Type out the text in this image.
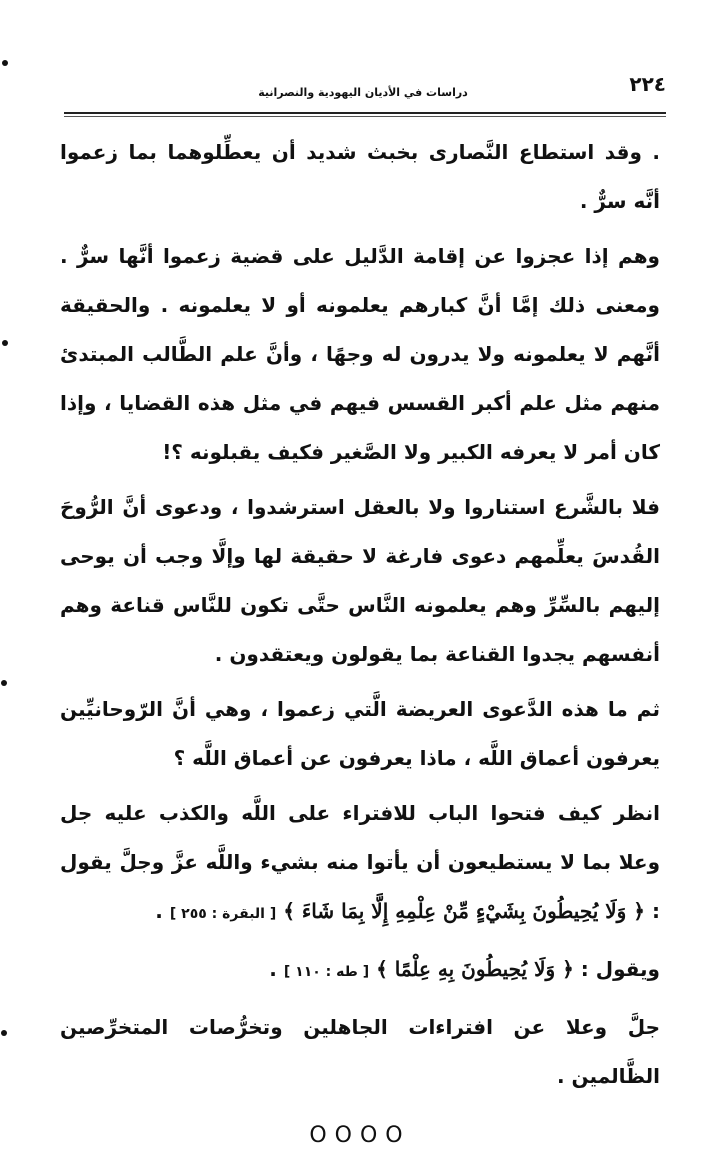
٢٢٤
دراسات في الأديان اليهودية والنصرانية

. وقد استطاع النَّصارى بخبث شديد أن يعطِّلوهما بما زعموا أنَّه سرٌّ .

وهم إذا عجزوا عن إقامة الدَّليل على قضية زعموا أنَّها سرٌّ . ومعنى ذلك إمَّا أنَّ كبارهم يعلمونه أو لا يعلمونه . والحقيقة أنَّهم لا يعلمونه ولا يدرون له وجهًا ، وأنَّ علم الطَّالب المبتدئ منهم مثل علم أكبر القسس فيهم في مثل هذه القضايا ، وإذا كان أمر لا يعرفه الكبير ولا الصَّغير فكيف يقبلونه ؟!

فلا بالشَّرع استناروا ولا بالعقل استرشدوا ، ودعوى أنَّ الرُّوحَ القُدسَ يعلِّمهم دعوى فارغة لا حقيقة لها وإلَّا وجب أن يوحى إليهم بالسِّرِّ وهم يعلمونه النَّاس حتَّى تكون للنَّاس قناعة وهم أنفسهم يجدوا القناعة بما يقولون ويعتقدون .

ثم ما هذه الدَّعوى العريضة الَّتي زعموا ، وهي أنَّ الرّوحانيِّين يعرفون أعماق اللَّه ، ماذا يعرفون عن أعماق اللَّه ؟

انظر كيف فتحوا الباب للافتراء على اللَّه والكذب عليه جل وعلا بما لا يستطيعون أن يأتوا منه بشيء واللَّه عزَّ وجلَّ يقول : ﴿ وَلَا يُحِيطُونَ بِشَيْءٍ مِّنْ عِلْمِهِ إِلَّا بِمَا شَاءَ ﴾ [ البقرة : ٢٥٥ ] .

ويقول : ﴿ وَلَا يُحِيطُونَ بِهِ عِلْمًا ﴾ [ طه : ١١٠ ] .

جلَّ وعلا عن افتراءات الجاهلين وتخرُّصات المتخرِّصين الظَّالمين .

OOOO
